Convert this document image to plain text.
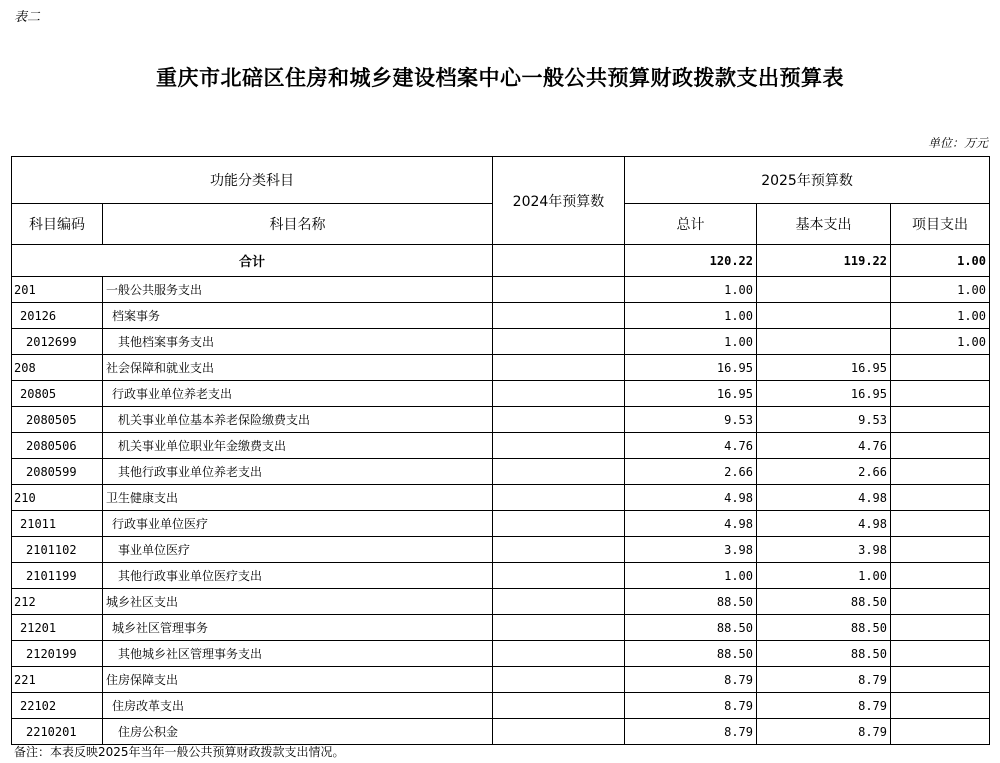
表二
重庆市北碚区住房和城乡建设档案中心一般公共预算财政拨款支出预算表
单位：万元
功能分类科目		2024年预算数	2025年预算数		
科目编码	科目名称		总计	基本支出	项目支出
合计			120.22	119.22	1.00
201	一般公共服务支出		1.00		1.00
20126	档案事务		1.00		1.00
2012699	其他档案事务支出		1.00		1.00
208	社会保障和就业支出		16.95	16.95	
20805	行政事业单位养老支出		16.95	16.95	
2080505	机关事业单位基本养老保险缴费支出		9.53	9.53	
2080506	机关事业单位职业年金缴费支出		4.76	4.76	
2080599	其他行政事业单位养老支出		2.66	2.66	
210	卫生健康支出		4.98	4.98	
21011	行政事业单位医疗		4.98	4.98	
2101102	事业单位医疗		3.98	3.98	
2101199	其他行政事业单位医疗支出		1.00	1.00	
212	城乡社区支出		88.50	88.50	
21201	城乡社区管理事务		88.50	88.50	
2120199	其他城乡社区管理事务支出		88.50	88.50	
221	住房保障支出		8.79	8.79	
22102	住房改革支出		8.79	8.79	
2210201	住房公积金		8.79	8.79	
备注：本表反映2025年当年一般公共预算财政拨款支出情况。
